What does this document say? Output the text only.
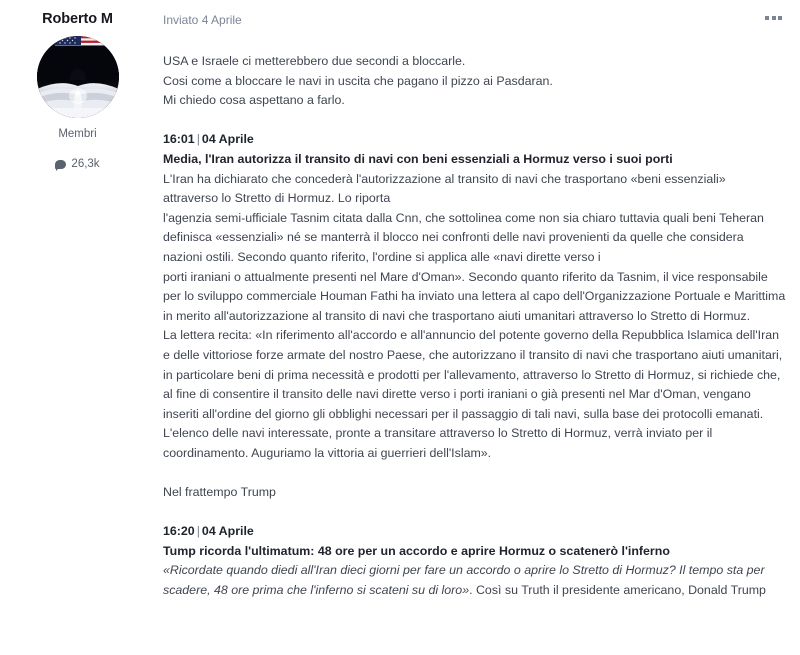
Roberto M
Membri
26,3k
Inviato 4 Aprile

USA e Israele ci metterebbero due secondi a bloccarle.

Cosi come a bloccare le navi in uscita che pagano il pizzo ai Pasdaran.

Mi chiedo cosa aspettano a farlo.

16:01 | 04 Aprile

Media, l'Iran autorizza il transito di navi con beni essenziali a Hormuz verso i suoi porti

L'Iran ha dichiarato che concederà l'autorizzazione al transito di navi che trasportano «beni essenziali»

attraverso lo Stretto di Hormuz. Lo riporta

l'agenzia semi-ufficiale Tasnim citata dalla Cnn, che sottolinea come non sia chiaro tuttavia quali beni Teheran

definisca «essenziali» né se manterrà il blocco nei confronti delle navi provenienti da quelle che considera

nazioni ostili. Secondo quanto riferito, l'ordine si applica alle «navi dirette verso i

porti iraniani o attualmente presenti nel Mare d'Oman». Secondo quanto riferito da Tasnim, il vice responsabile

per lo sviluppo commerciale Houman Fathi ha inviato una lettera al capo dell'Organizzazione Portuale e Marittima

in merito all'autorizzazione al transito di navi che trasportano aiuti umanitari attraverso lo Stretto di Hormuz.

La lettera recita: «In riferimento all'accordo e all'annuncio del potente governo della Repubblica Islamica dell'Iran

e delle vittoriose forze armate del nostro Paese, che autorizzano il transito di navi che trasportano aiuti umanitari,

in particolare beni di prima necessità e prodotti per l'allevamento, attraverso lo Stretto di Hormuz, si richiede che,

al fine di consentire il transito delle navi dirette verso i porti iraniani o già presenti nel Mar d'Oman, vengano

inseriti all'ordine del giorno gli obblighi necessari per il passaggio di tali navi, sulla base dei protocolli emanati.

L'elenco delle navi interessate, pronte a transitare attraverso lo Stretto di Hormuz, verrà inviato per il

coordinamento. Auguriamo la vittoria ai guerrieri dell'Islam».

Nel frattempo Trump

16:20 | 04 Aprile

Tump ricorda l'ultimatum: 48 ore per un accordo e aprire Hormuz o scatenerò l'inferno

«Ricordate quando diedi all'Iran dieci giorni per fare un accordo o aprire lo Stretto di Hormuz? Il tempo sta per

scadere, 48 ore prima che l'inferno si scateni su di loro». Così su Truth il presidente americano, Donald Trump
